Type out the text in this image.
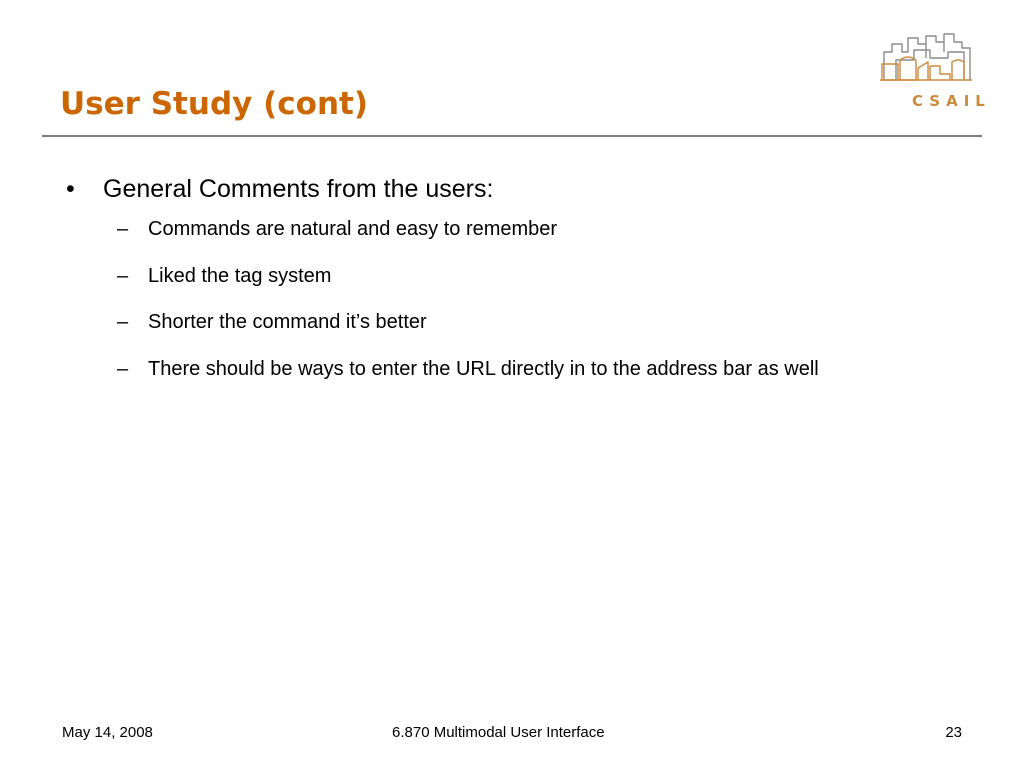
User Study (cont)	CSAIL
• General Comments from the users:
– Commands are natural and easy to remember
– Liked the tag system
– Shorter the command it’s better
– There should be ways to enter the URL directly in to the address bar as well
May 14, 2008	6.870 Multimodal User Interface	23
